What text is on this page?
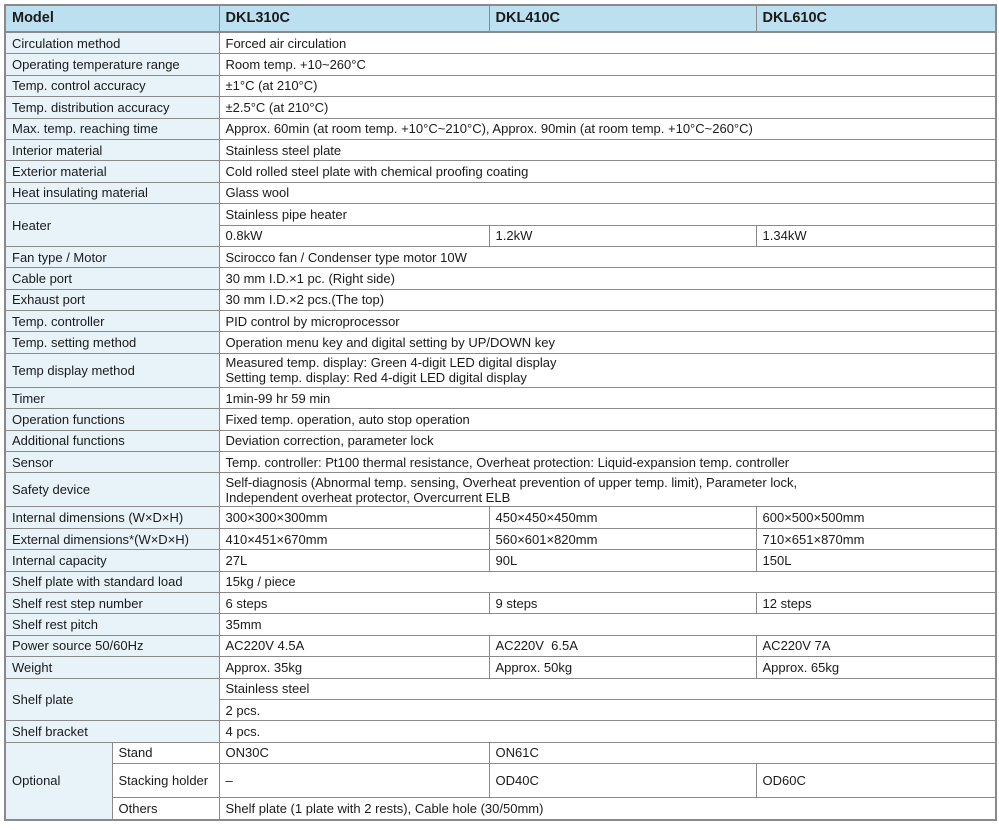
Model		DKL310C	DKL410C	DKL610C
Circulation method		Forced air circulation		
Operating temperature range		Room temp. +10~260°C		
Temp. control accuracy		±1°C (at 210°C)		
Temp. distribution accuracy		±2.5°C (at 210°C)		
Max. temp. reaching time		Approx. 60min (at room temp. +10°C~210°C), Approx. 90min (at room temp. +10°C~260°C)		
Interior material		Stainless steel plate		
Exterior material		Cold rolled steel plate with chemical proofing coating		
Heat insulating material		Glass wool		
Heater		Stainless pipe heater		
		0.8kW	1.2kW	1.34kW
Fan type / Motor		Scirocco fan / Condenser type motor 10W		
Cable port		30 mm I.D.×1 pc. (Right side)		
Exhaust port		30 mm I.D.×2 pcs.(The top)		
Temp. controller		PID control by microprocessor		
Temp. setting method		Operation menu key and digital setting by UP/DOWN key		
Temp display method		Measured temp. display: Green 4-digit LED digital display
Setting temp. display: Red 4-digit LED digital display		

Timer		1min-99 hr 59 min		
Operation functions		Fixed temp. operation, auto stop operation		
Additional functions		Deviation correction, parameter lock		
Sensor		Temp. controller: Pt100 thermal resistance, Overheat protection: Liquid-expansion temp. controller		
Safety device		Self-diagnosis (Abnormal temp. sensing, Overheat prevention of upper temp. limit), Parameter lock,
Independent overheat protector, Overcurrent ELB		

Internal dimensions (W×D×H)		300×300×300mm	450×450×450mm	600×500×500mm
External dimensions*(W×D×H)		410×451×670mm	560×601×820mm	710×651×870mm
Internal capacity		27L	90L	150L
Shelf plate with standard load		15kg / piece		
Shelf rest step number		6 steps	9 steps	12 steps
Shelf rest pitch		35mm		
Power source 50/60Hz		AC220V 4.5A	AC220V  6.5A	AC220V 7A
Weight		Approx. 35kg	Approx. 50kg	Approx. 65kg
Shelf plate		Stainless steel		
		2 pcs.		
Shelf bracket		4 pcs.		
Optional	Stand	ON30C	ON61C	
	Stacking holder	–	OD40C	OD60C
	Others	Shelf plate (1 plate with 2 rests), Cable hole (30/50mm)		
